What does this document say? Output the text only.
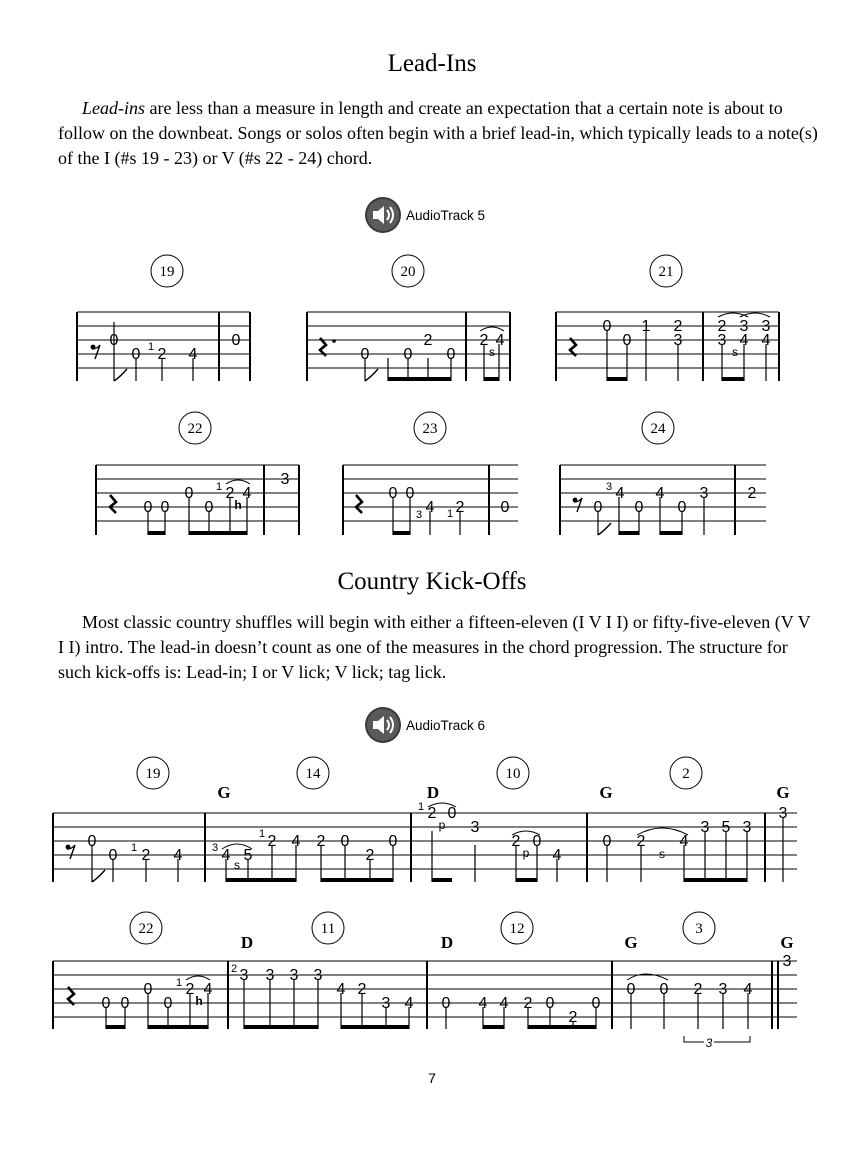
Lead-Ins

Lead-ins are less than a measure in length and create an expectation that a certain note is about to follow on the downbeat. Songs or solos often begin with a brief lead-in, which typically leads to a note(s) of the I (#s 19 - 23) or V (#s 22 - 24) chord.

AudioTrack 5
19
0
0 1 2 4
0
20
0 0
2
0
2 4
s
21
0 1 2
0	3
2 3 3
3 4 4
s
22
0 0
0
0
1 2 4
3
h
23
0 0
3 4 1 2 0
24
3 4
0
4
0 0
3 2
Country Kick-Offs

Most classic country shuffles will begin with either a fifteen-eleven (I V I I) or fifty-five-eleven (V V I I) intro. The lead-in doesn’t count as one of the measures in the chord progression. The structure for such kick-offs is: Lead-in; I or V lick; V lick; tag lick.

AudioTrack 6
19	14	10	2
G	D	G	G
0
0 1 2 4	3 4 5
1 2 4 2 0
2
0
1 2 0
3
2 0
4
0 2 4
3 5 3
3
s
p
p	s
22	11	12	3
D	D	G	G
0 0
0
0
1 2 4
2 3 3 3 3
4 2
3 4 0 4 4 2 0
2
0
0 0 2 3 4
3
h
3
7
